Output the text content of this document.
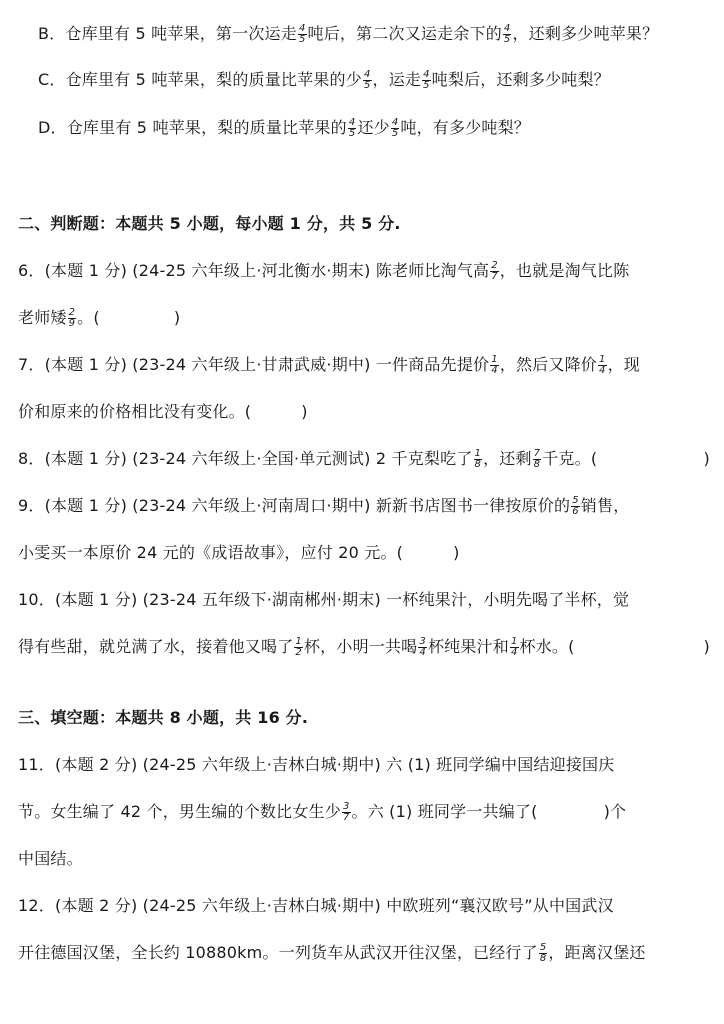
B．仓库里有 5 吨苹果，第一次运走 $\frac{4}{5}$ 吨后，第二次又运走余下的 $\frac{4}{5}$ ，还剩多少吨苹果？
C．仓库里有 5 吨苹果，梨的质量比苹果的少 $\frac{4}{5}$ ，运走 $\frac{4}{5}$ 吨梨后，还剩多少吨梨？
D．仓库里有 5 吨苹果，梨的质量比苹果的 $\frac{4}{5}$ 还少 $\frac{4}{5}$ 吨，有多少吨梨？
二、判断题：本题共 5 小题，每小题 1 分，共 5 分.
6．(本题 1 分) (24-25 六年级上·河北衡水·期末) 陈老师比淘气高 $\frac{2}{7}$ ，也就是淘气比陈
老师矮 $\frac{2}{9}$ 。(	)
7．(本题 1 分) (23-24 六年级上·甘肃武威·期中) 一件商品先提价 $\frac{1}{4}$ ，然后又降价 $\frac{1}{4}$ ，现
价和原来的价格相比没有变化。(	)
8．(本题 1 分) (23-24 六年级上·全国·单元测试) 2 千克梨吃了 $\frac{1}{8}$ ，还剩 $\frac{7}{8}$ 千克。(	)
9．(本题 1 分) (23-24 六年级上·河南周口·期中) 新新书店图书一律按原价的 $\frac{5}{6}$ 销售，
小雯买一本原价 24 元的《成语故事》，应付 20 元。(	)
10．(本题 1 分) (23-24 五年级下·湖南郴州·期末) 一杯纯果汁，小明先喝了半杯，觉
得有些甜，就兑满了水，接着他又喝了 $\frac{1}{2}$ 杯，小明一共喝 $\frac{3}{4}$ 杯纯果汁和 $\frac{1}{4}$ 杯水。(	)
三、填空题：本题共 8 小题，共 16 分.
11．(本题 2 分) (24-25 六年级上·吉林白城·期中) 六 (1) 班同学编中国结迎接国庆
节。女生编了 42 个，男生编的个数比女生少 $\frac{3}{7}$ 。六 (1) 班同学一共编了(	)个
中国结。
12．(本题 2 分) (24-25 六年级上·吉林白城·期中) 中欧班列“襄汉欧号”从中国武汉
开往德国汉堡，全长约 10880km。一列货车从武汉开往汉堡，已经行了 $\frac{5}{8}$ ，距离汉堡还
